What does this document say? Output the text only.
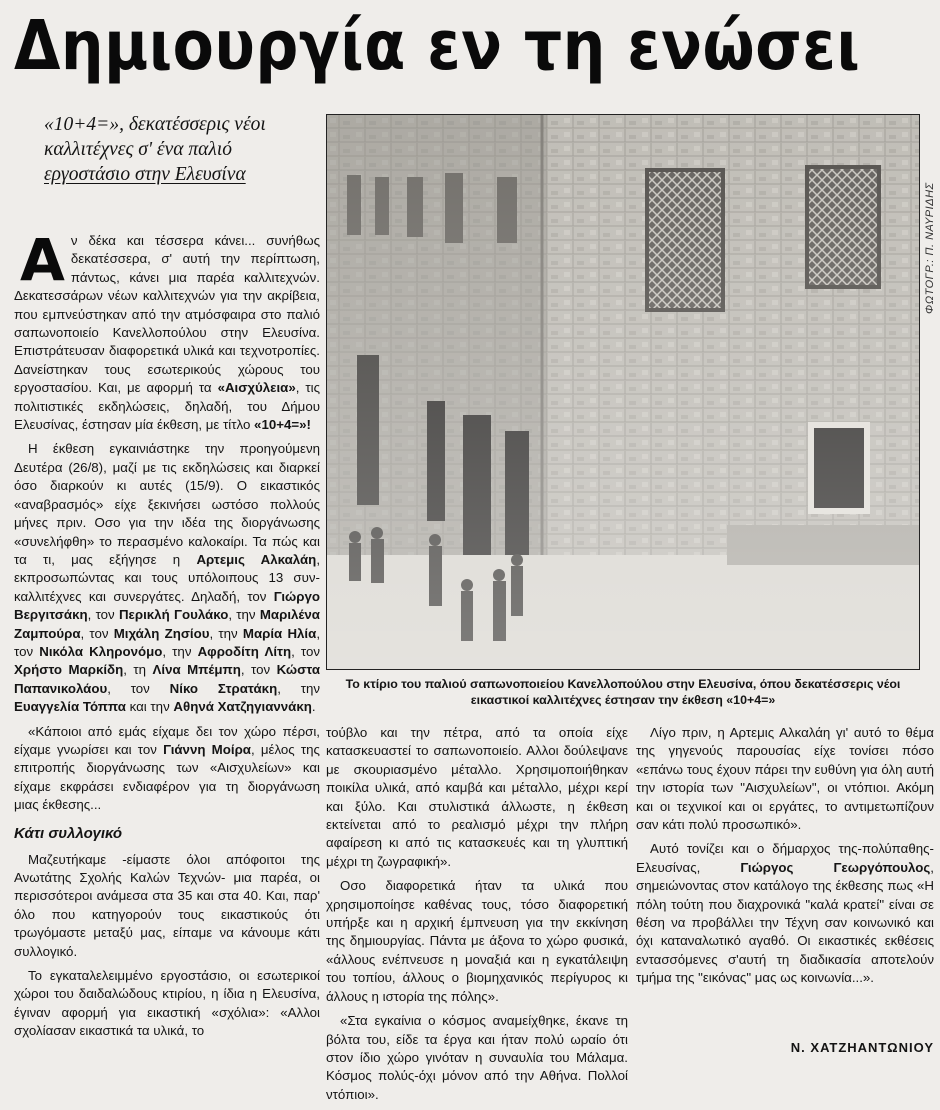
Δημιουργία εν τη ενώσει
«10+4=», δεκατέσσερις νέοι
καλλιτέχνες σ' ένα παλιό
εργοστάσιο στην Ελευσίνα
ΦΩΤΟΓΡ.: Π. ΝΑΥΡΙΔΗΣ
Το κτίριο του παλιού σαπωνοποιείου Κανελλοπούλου στην Ελευσίνα, όπου δεκατέσσερις νέοι
εικαστικοί καλλιτέχνες έστησαν την έκθεση «10+4=»

Αν δέκα και τέσσερα κάνει... συνήθως δεκατέσσερα, σ' αυτή την περίπτωση, πάντως, κάνει μια παρέα καλλιτεχνών. Δεκατεσσάρων νέων καλλιτεχνών για την ακρίβεια, που εμπνεύστηκαν από την ατμόσφαιρα στο παλιό σαπωνοποιείο Κανελλοπούλου στην Ελευσίνα. Επιστράτευσαν διαφορετικά υλικά και τεχνοτροπίες. Δανείστηκαν τους εσωτερικούς χώρους του εργοστασίου. Και, με αφορμή τα «Αισχύλεια», τις πολιτιστικές εκδηλώσεις, δηλαδή, του Δήμου Ελευσίνας, έστησαν μία έκθεση, με τίτλο «10+4=»!

Η έκθεση εγκαινιάστηκε την προηγούμενη Δευτέρα (26/8), μαζί με τις εκδηλώσεις και διαρκεί όσο διαρκούν κι αυτές (15/9). Ο εικαστικός «αναβρασμός» είχε ξεκινήσει ωστόσο πολλούς μήνες πριν. Οσο για την ιδέα της διοργάνωσης «συνελήφθη» το περασμένο καλοκαίρι. Τα πώς και τα τι, μας εξήγησε η Αρτεμις Αλκαλάη, εκπροσωπώντας και τους υπόλοιπους 13 συν-καλλιτέχνες και συνεργάτες. Δηλαδή, τον Γιώργο Βεργιτσάκη, τον Περικλή Γουλάκο, την Μαριλένα Ζαμπούρα, τον Μιχάλη Ζησίου, την Μαρία Ηλία, τον Νικόλα Κληρονόμο, την Αφροδίτη Λίτη, τον Χρήστο Μαρκίδη, τη Λίνα Μπέμπη, τον Κώστα Παπανικολάου, τον Νίκο Στρατάκη, την Ευαγγελία Τόππα και την Αθηνά Χατζηγιαννάκη.

«Κάποιοι από εμάς είχαμε δει τον χώρο πέρσι, είχαμε γνωρίσει και τον Γιάννη Μοίρα, μέλος της επιτροπής διοργάνωσης των «Αισχυλείων» και είχαμε εκφράσει ενδιαφέρον για τη διοργάνωση μιας έκθεσης...

Κάτι συλλογικό

Μαζευτήκαμε -είμαστε όλοι απόφοιτοι της Ανωτάτης Σχολής Καλών Τεχνών- μια παρέα, οι περισσότεροι ανάμεσα στα 35 και στα 40. Και, παρ' όλο που κατηγορούν τους εικαστικούς ότι τρωγόμαστε μεταξύ μας, είπαμε να κάνουμε κάτι συλλογικό.

Το εγκαταλελειμμένο εργοστάσιο, οι εσωτερικοί χώροι του δαιδαλώδους κτιρίου, η ίδια η Ελευσίνα, έγιναν αφορμή για εικαστική «σχόλια»: «Αλλοι σχολίασαν εικαστικά τα υλικά, το

τούβλο και την πέτρα, από τα οποία είχε κατασκευαστεί το σαπωνοποιείο. Αλλοι δούλεψανε με σκουριασμένο μέταλλο. Χρησιμοποιήθηκαν ποικίλα υλικά, από καμβά και μέταλλο, μέχρι κερί και ξύλο. Και στυλιστικά άλλωστε, η έκθεση εκτείνεται από το ρεαλισμό μέχρι την πλήρη αφαίρεση κι από τις κατασκευές και τη γλυπτική μέχρι τη ζωγραφική».

Οσο διαφορετικά ήταν τα υλικά που χρησιμοποίησε καθένας τους, τόσο διαφορετική υπήρξε και η αρχική έμπνευση για την εκκίνηση της δημιουργίας. Πάντα με άξονα το χώρο φυσικά, «άλλους ενέπνευσε η μοναξιά και η εγκατάλειψη του τοπίου, άλλους ο βιομηχανικός περίγυρος κι άλλους η ιστορία της πόλης».

«Στα εγκαίνια ο κόσμος αναμείχθηκε, έκανε τη βόλτα του, είδε τα έργα και ήταν πολύ ωραίο ότι στον ίδιο χώρο γινόταν η συναυλία του Μάλαμα. Κόσμος πολύς-όχι μόνον από την Αθήνα. Πολλοί ντόπιοι».

Λίγο πριν, η Αρτεμις Αλκαλάη γι' αυτό το θέμα της γηγενούς παρουσίας είχε τονίσει πόσο «επάνω τους έχουν πάρει την ευθύνη για όλη αυτή την ιστορία των "Αισχυλείων", οι ντόπιοι. Ακόμη και οι τεχνικοί και οι εργάτες, το αντιμετωπίζουν σαν κάτι πολύ προσωπικό».

Αυτό τονίζει και ο δήμαρχος της-πολύπαθης-Ελευσίνας, Γιώργος Γεωργόπουλος, σημειώνοντας στον κατάλογο της έκθεσης πως «Η πόλη τούτη που διαχρονικά "καλά κρατεί" είναι σε θέση να προβάλλει την Τέχνη σαν κοινωνικό και όχι καταναλωτικό αγαθό. Οι εικαστικές εκθέσεις εντασσόμενες σ'αυτή τη διαδικασία αποτελούν τμήμα της "εικόνας" μας ως κοινωνία...».

Ν. ΧΑΤΖΗΑΝΤΩΝΙΟΥ
